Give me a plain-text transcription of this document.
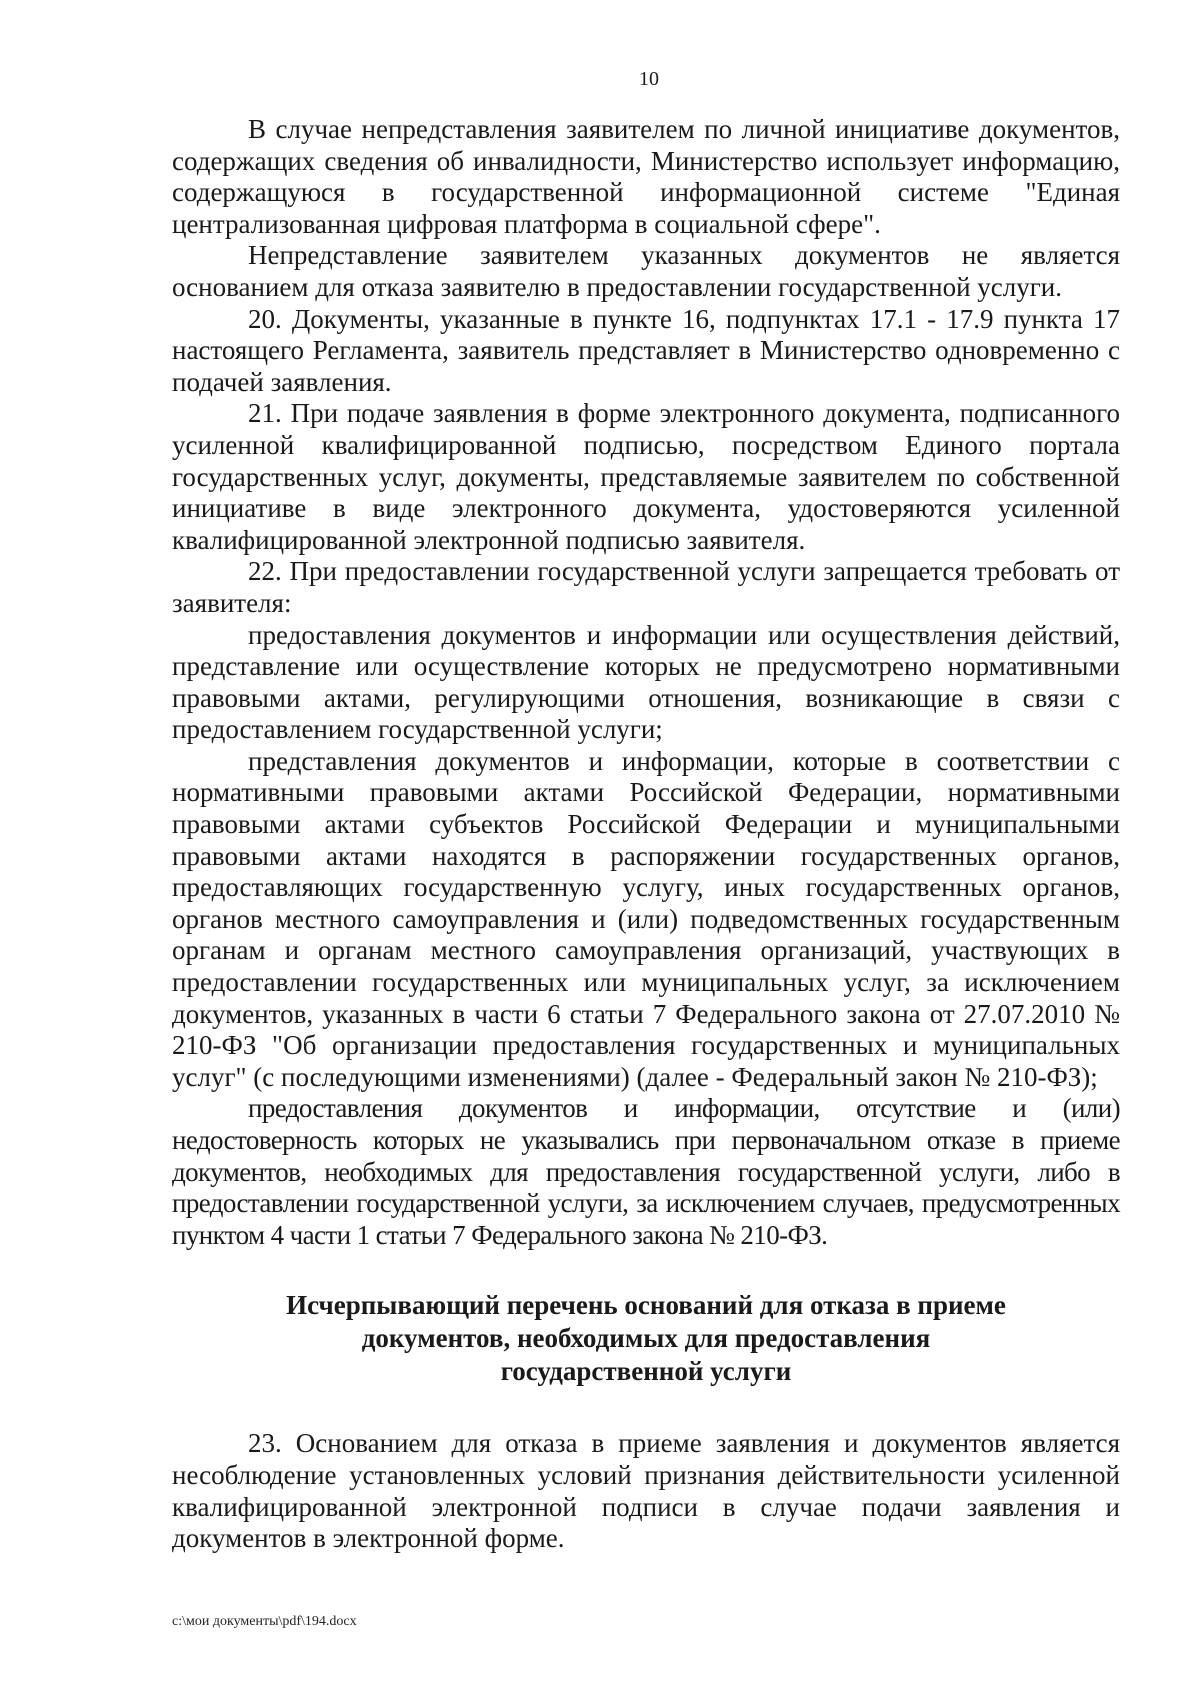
10

В случае непредставления заявителем по личной инициативе документов, содержащих сведения об инвалидности, Министерство использует информацию, содержащуюся в государственной информационной системе "Единая централизованная цифровая платформа в социальной сфере".

Непредставление заявителем указанных документов не является основанием для отказа заявителю в предоставлении государственной услуги.

20. Документы, указанные в пункте 16, подпунктах 17.1 - 17.9 пункта 17 настоящего Регламента, заявитель представляет в Министерство одновременно с подачей заявления.

21. При подаче заявления в форме электронного документа, подписанного усиленной квалифицированной подписью, посредством Единого портала государственных услуг, документы, представляемые заявителем по собственной инициативе в виде электронного документа, удостоверяются усиленной квалифицированной электронной подписью заявителя.

22. При предоставлении государственной услуги запрещается требовать от заявителя:

предоставления документов и информации или осуществления действий, представление или осуществление которых не предусмотрено нормативными правовыми актами, регулирующими отношения, возникающие в связи с предоставлением государственной услуги;

представления документов и информации, которые в соответствии с нормативными правовыми актами Российской Федерации, нормативными правовыми актами субъектов Российской Федерации и муниципальными правовыми актами находятся в распоряжении государственных органов, предоставляющих государственную услугу, иных государственных органов, органов местного самоуправления и (или) подведомственных государственным органам и органам местного самоуправления организаций, участвующих в предоставлении государственных или муниципальных услуг, за исключением документов, указанных в части 6 статьи 7 Федерального закона от 27.07.2010 № 210-ФЗ "Об организации предоставления государственных и муниципальных услуг" (с последующими изменениями) (далее - Федеральный закон № 210-ФЗ);

предоставления документов и информации, отсутствие и (или) недостоверность которых не указывались при первоначальном отказе в приеме документов, необходимых для предоставления государственной услуги, либо в предоставлении государственной услуги, за исключением случаев, предусмотренных пунктом 4 части 1 статьи 7 Федерального закона № 210-ФЗ.

Исчерпывающий перечень оснований для отказа в приеме
документов, необходимых для предоставления
государственной услуги

23. Основанием для отказа в приеме заявления и документов является несоблюдение установленных условий признания действительности усиленной квалифицированной электронной подписи в случае подачи заявления и документов в электронной форме.

c:\мои документы\pdf\194.docx
